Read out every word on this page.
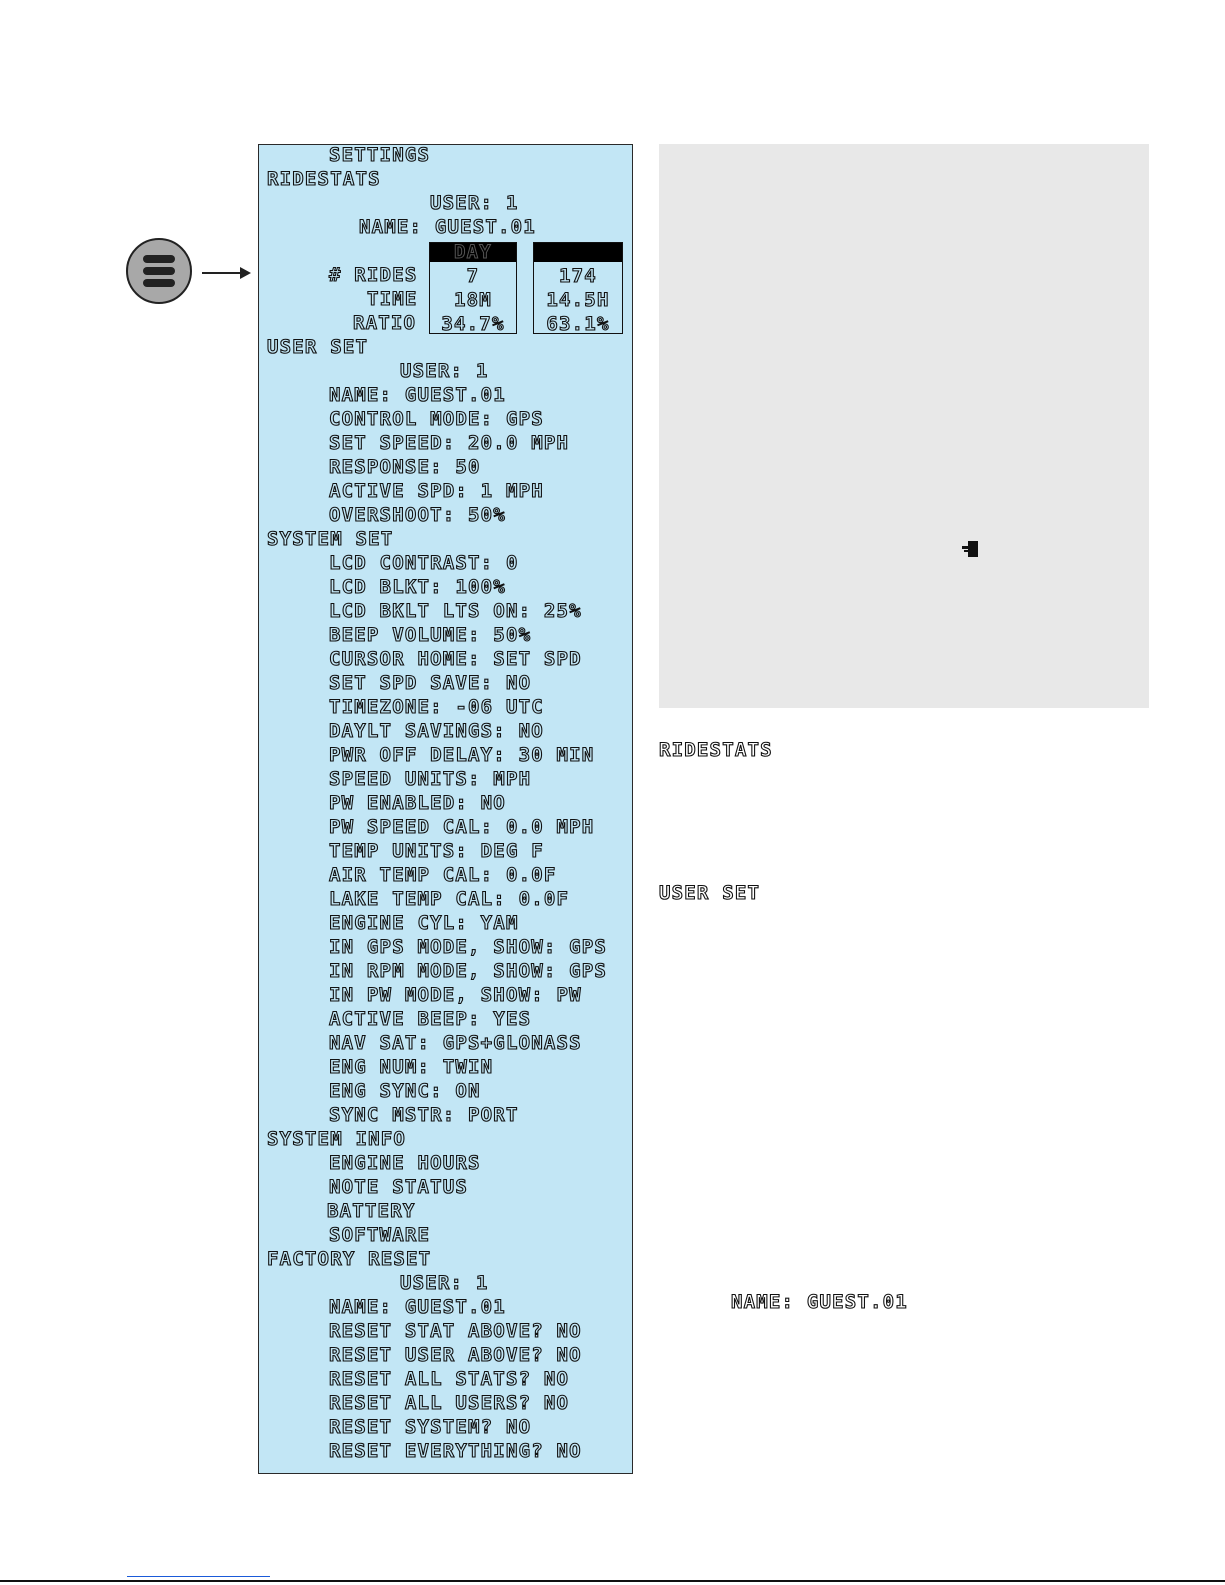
SETTINGS
RIDESTATS
USER: 1
NAME: GUEST.01
# RIDES
TIME
RATIO
DAY
7
18M
34.7%
174
14.5H
63.1%
USER SET
USER: 1
NAME: GUEST.01
CONTROL MODE: GPS
SET SPEED: 20.0 MPH
RESPONSE: 50
ACTIVE SPD: 1 MPH
OVERSHOOT: 50%
SYSTEM SET
LCD CONTRAST: 0
LCD BLKT: 100%
LCD BKLT LTS ON: 25%
BEEP VOLUME: 50%
CURSOR HOME: SET SPD
SET SPD SAVE: NO
TIMEZONE: -06 UTC
DAYLT SAVINGS: NO
PWR OFF DELAY: 30 MIN
SPEED UNITS: MPH
PW ENABLED: NO
PW SPEED CAL: 0.0 MPH
TEMP UNITS: DEG F
AIR TEMP CAL: 0.0F
LAKE TEMP CAL: 0.0F
ENGINE CYL: YAM
IN GPS MODE, SHOW: GPS
IN RPM MODE, SHOW: GPS
IN PW MODE, SHOW: PW
ACTIVE BEEP: YES
NAV SAT: GPS+GLONASS
ENG NUM: TWIN
ENG SYNC: ON
SYNC MSTR: PORT
SYSTEM INFO
ENGINE HOURS
NOTE STATUS
BATTERY
SOFTWARE
FACTORY RESET
USER: 1
NAME: GUEST.01
RESET STAT ABOVE? NO
RESET USER ABOVE? NO
RESET ALL STATS? NO
RESET ALL USERS? NO
RESET SYSTEM? NO
RESET EVERYTHING? NO
RIDESTATS
USER SET
NAME: GUEST.01
